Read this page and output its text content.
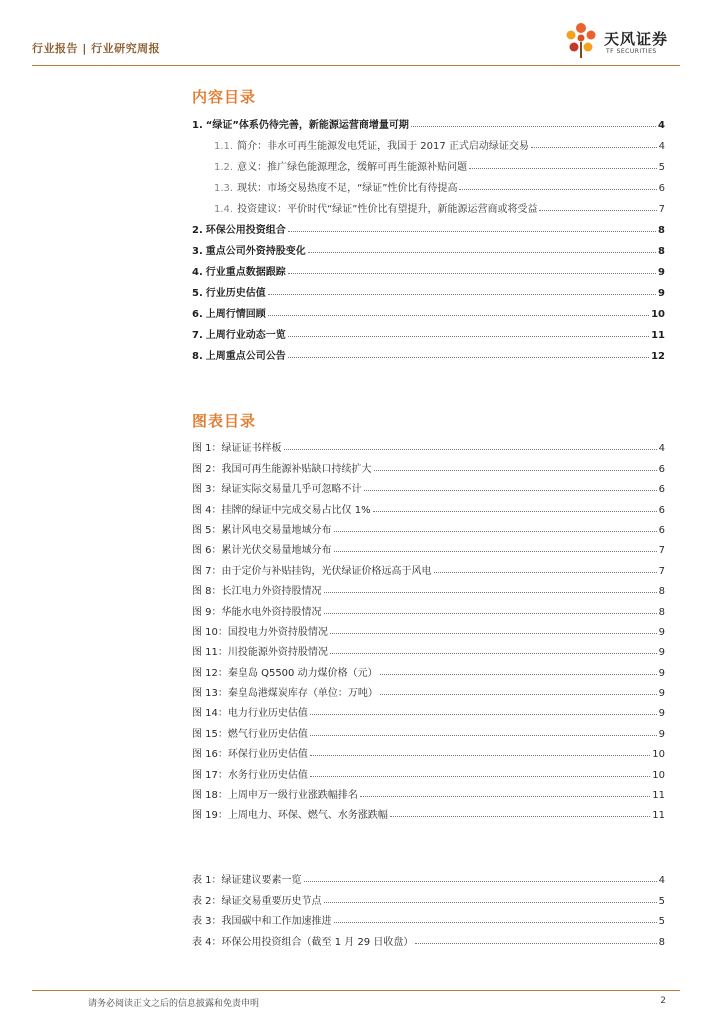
行业报告 | 行业研究周报
天风证券
TF SECURITIES
内容目录
1. “绿证”体系仍待完善，新能源运营商增量可期	4
1.1. 简介：非水可再生能源发电凭证，我国于 2017 正式启动绿证交易	4
1.2. 意义：推广绿色能源理念，缓解可再生能源补贴问题	5
1.3. 现状：市场交易热度不足，“绿证”性价比有待提高	6
1.4. 投资建议：平价时代“绿证”性价比有望提升，新能源运营商或将受益	7
2. 环保公用投资组合	8
3. 重点公司外资持股变化	8
4. 行业重点数据跟踪	9
5. 行业历史估值	9
6. 上周行情回顾	10
7. 上周行业动态一览	11
8. 上周重点公司公告	12
图表目录
图 1：绿证证书样板	4
图 2：我国可再生能源补贴缺口持续扩大	6
图 3：绿证实际交易量几乎可忽略不计	6
图 4：挂牌的绿证中完成交易占比仅 1%	6
图 5：累计风电交易量地域分布	6
图 6：累计光伏交易量地域分布	7
图 7：由于定价与补贴挂钩，光伏绿证价格远高于风电	7
图 8：长江电力外资持股情况	8
图 9：华能水电外资持股情况	8
图 10：国投电力外资持股情况	9
图 11：川投能源外资持股情况	9
图 12：秦皇岛 Q5500 动力煤价格（元）	9
图 13：秦皇岛港煤炭库存（单位：万吨）	9
图 14：电力行业历史估值	9
图 15：燃气行业历史估值	9
图 16：环保行业历史估值	10
图 17：水务行业历史估值	10
图 18：上周申万一级行业涨跌幅排名	11
图 19：上周电力、环保、燃气、水务涨跌幅	11
表 1：绿证建议要素一览	4
表 2：绿证交易重要历史节点	5
表 3：我国碳中和工作加速推进	5
表 4：环保公用投资组合（截至 1 月 29 日收盘）	8
请务必阅读正文之后的信息披露和免责申明	2
